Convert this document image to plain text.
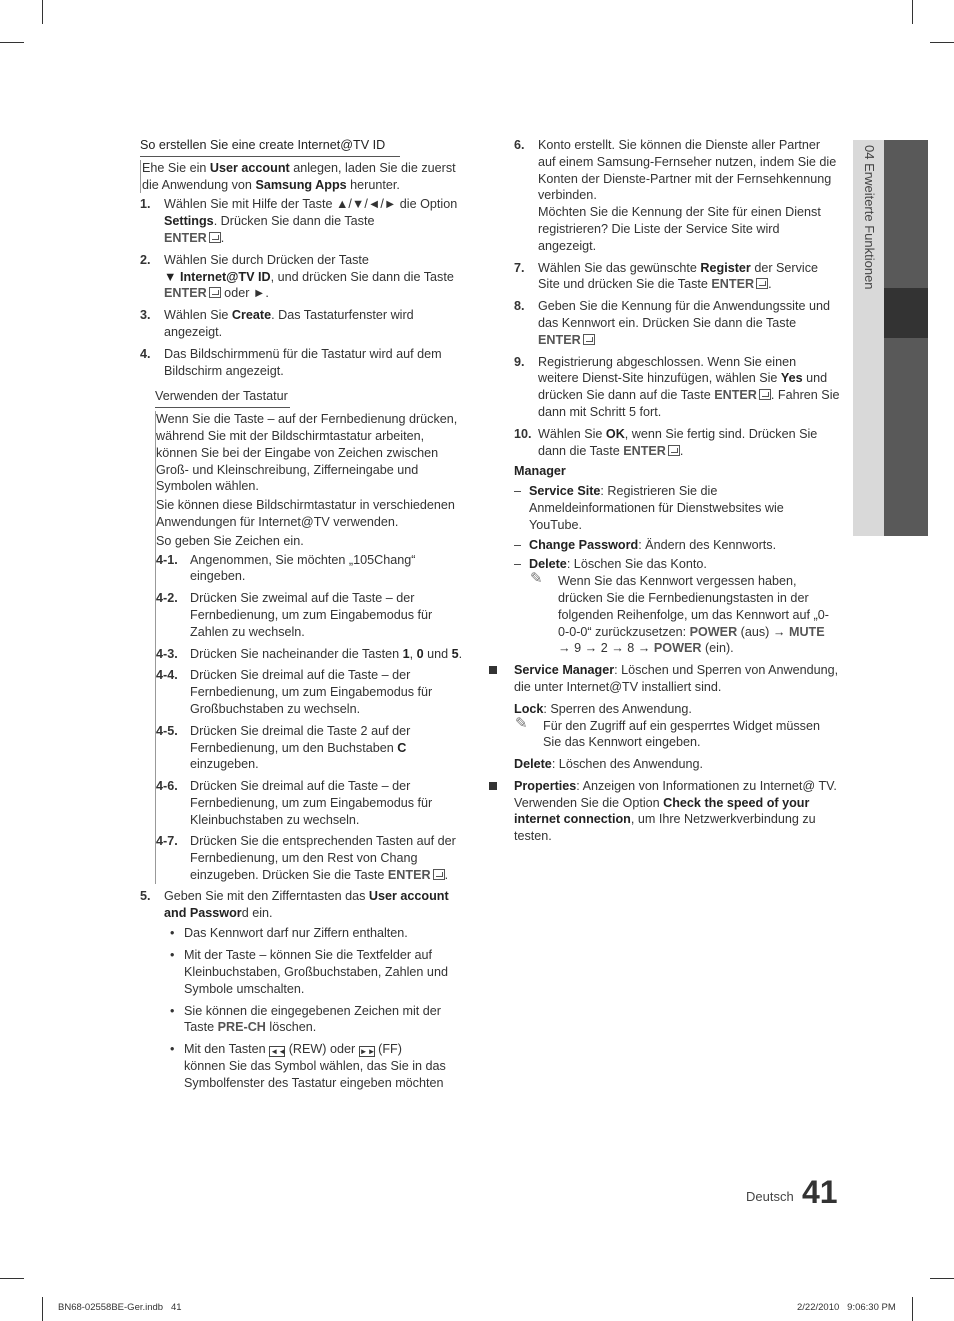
04 Erweiterte Funktionen
So erstellen Sie eine create Internet@TV ID
Ehe Sie ein User account anlegen, laden Sie die zuerst die Anwendung von Samsung Apps herunter.
1. Wählen Sie mit Hilfe der Taste ▲/▼/◄/► die Option Settings. Drücken Sie dann die Taste
ENTER .
2. Wählen Sie durch Drücken der Taste
▼ Internet@TV ID, und drücken Sie dann die Taste
ENTER oder ►.
3. Wählen Sie Create. Das Tastaturfenster wird angezeigt.
4. Das Bildschirmmenü für die Tastatur wird auf dem Bildschirm angezeigt.
Verwenden der Tastatur

Wenn Sie die Taste – auf der Fernbedienung drücken, während Sie mit der Bildschirmtastatur arbeiten, können Sie bei der Eingabe von Zeichen zwischen Groß- und Kleinschreibung, Zifferneingabe und Symbolen wählen.

Sie können diese Bildschirmtastatur in verschiedenen Anwendungen für Internet@TV verwenden.

So geben Sie Zeichen ein.

4-1. Angenommen, Sie möchten „105Chang“ eingeben.
4-2. Drücken Sie zweimal auf die Taste – der Fernbedienung, um zum Eingabemodus für Zahlen zu wechseln.
4-3. Drücken Sie nacheinander die Tasten 1, 0 und 5.
4-4. Drücken Sie dreimal auf die Taste – der Fernbedienung, um zum Eingabemodus für Großbuchstaben zu wechseln.
4-5. Drücken Sie dreimal die Taste 2 auf der Fernbedienung, um den Buchstaben C einzugeben.
4-6. Drücken Sie dreimal auf die Taste – der Fernbedienung, um zum Eingabemodus für Kleinbuchstaben zu wechseln.
4-7. Drücken Sie die entsprechenden Tasten auf der Fernbedienung, um den Rest von Chang einzugeben. Drücken Sie die Taste ENTER .
5. Geben Sie mit den Zifferntasten das User account and Password ein.
• Das Kennwort darf nur Ziffern enthalten.
• Mit der Taste – können Sie die Textfelder auf Kleinbuchstaben, Großbuchstaben, Zahlen und Symbole umschalten.
• Sie können die eingegebenen Zeichen mit der Taste PRE-CH löschen.
• Mit den Tasten ◄◄ (REW) oder ►► (FF)
können Sie das Symbol wählen, das Sie in das Symbolfenster des Tastatur eingeben möchten
6. Konto erstellt. Sie können die Dienste aller Partner auf einem Samsung-Fernseher nutzen, indem Sie die Konten der Dienste-Partner mit der Fernsehkennung verbinden.

Möchten Sie die Kennung der Site für einen Dienst registrieren? Die Liste der Service Site wird angezeigt.

7. Wählen Sie das gewünschte Register der Service Site und drücken Sie die Taste ENTER .
8. Geben Sie die Kennung für die Anwendungssite und das Kennwort ein. Drücken Sie dann die Taste
ENTER
9. Registrierung abgeschlossen. Wenn Sie einen weitere Dienst-Site hinzufügen, wählen Sie Yes und drücken Sie dann auf die Taste ENTER . Fahren Sie dann mit Schritt 5 fort.
10. Wählen Sie OK, wenn Sie fertig sind. Drücken Sie dann die Taste ENTER .
Manager
– Service Site: Registrieren Sie die Anmeldeinformationen für Dienstwebsites wie YouTube.
– Change Password: Ändern des Kennworts.
– Delete: Löschen Sie das Konto.
✎	Wenn Sie das Kennwort vergessen haben, drücken Sie die Fernbedienungstasten in der folgenden Reihenfolge, um das Kennwort auf „0-0-0-0“ zurückzusetzen: POWER (aus) → MUTE → 9 → 2 → 8 → POWER (ein).
Service Manager: Löschen und Sperren von Anwendung, die unter Internet@TV installiert sind.
Lock: Sperren des Anwendung.
✎	Für den Zugriff auf ein gesperrtes Widget müssen Sie das Kennwort eingeben.
Delete: Löschen des Anwendung.
Properties: Anzeigen von Informationen zu Internet@ TV. Verwenden Sie die Option Check the speed of your internet connection, um Ihre Netzwerkverbindung zu testen.
Deutsch 41
BN68-02558BE-Ger.indb   41	2/22/2010   9:06:30 PM
